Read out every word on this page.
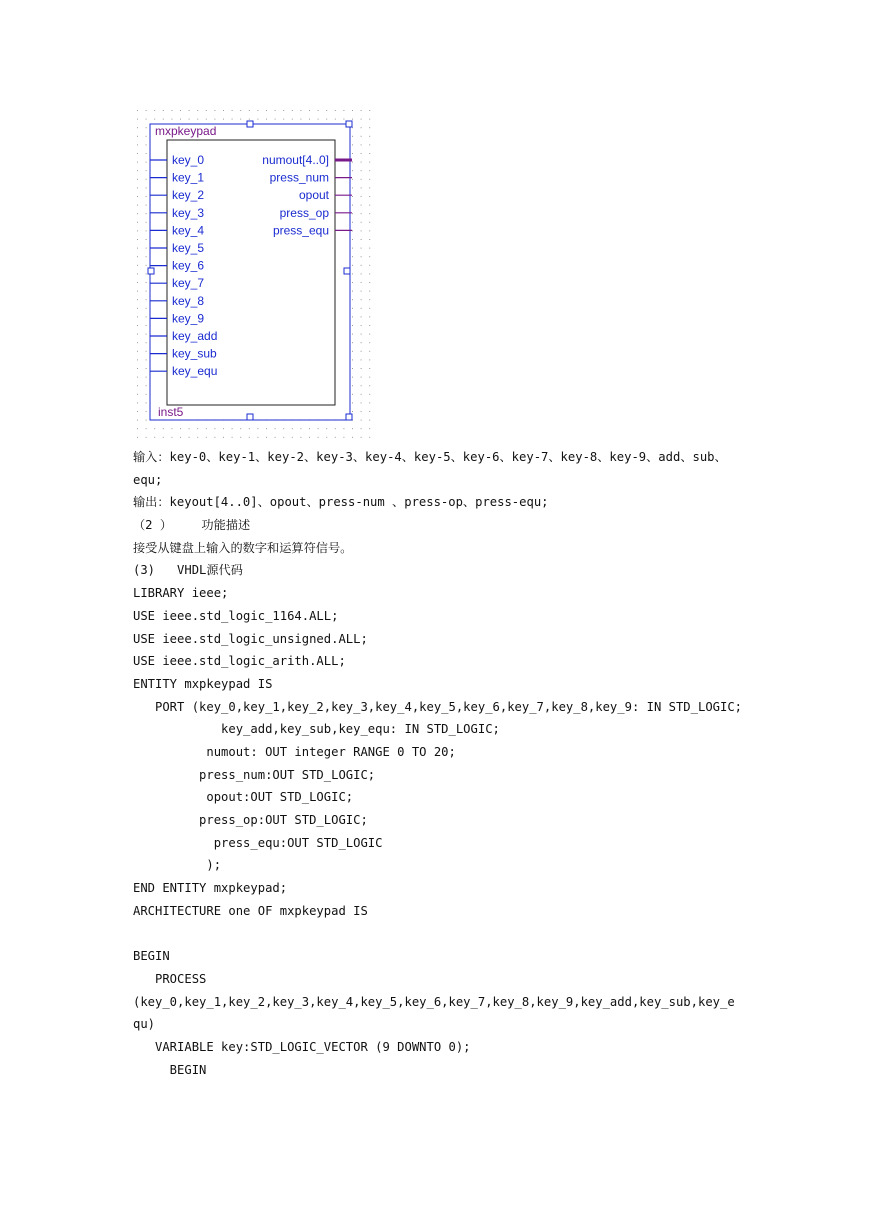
mxpkeypad
inst5
key_0
key_1
key_2
key_3
key_4
key_5
key_6
key_7
key_8
key_9
key_add
key_sub
key_equ
numout[4..0]
press_num
opout
press_op
press_equ
输入：key-0、key-1、key-2、key-3、key-4、key-5、key-6、key-7、key-8、key-9、add、sub、
equ;
输出：keyout[4..0]、opout、press-num 、press-op、press-equ;
（2 ）    功能描述
接受从键盘上输入的数字和运算符信号。
(3)   VHDL源代码
LIBRARY ieee;
USE ieee.std_logic_1164.ALL;
USE ieee.std_logic_unsigned.ALL;
USE ieee.std_logic_arith.ALL;
ENTITY mxpkeypad IS
PORT (key_0,key_1,key_2,key_3,key_4,key_5,key_6,key_7,key_8,key_9: IN STD_LOGIC;
key_add,key_sub,key_equ: IN STD_LOGIC;
numout: OUT integer RANGE 0 TO 20;
press_num:OUT STD_LOGIC;
opout:OUT STD_LOGIC;
press_op:OUT STD_LOGIC;
press_equ:OUT STD_LOGIC
);
END ENTITY mxpkeypad;
ARCHITECTURE one OF mxpkeypad IS
BEGIN
PROCESS
(key_0,key_1,key_2,key_3,key_4,key_5,key_6,key_7,key_8,key_9,key_add,key_sub,key_e
qu)
VARIABLE key:STD_LOGIC_VECTOR (9 DOWNTO 0);
BEGIN
